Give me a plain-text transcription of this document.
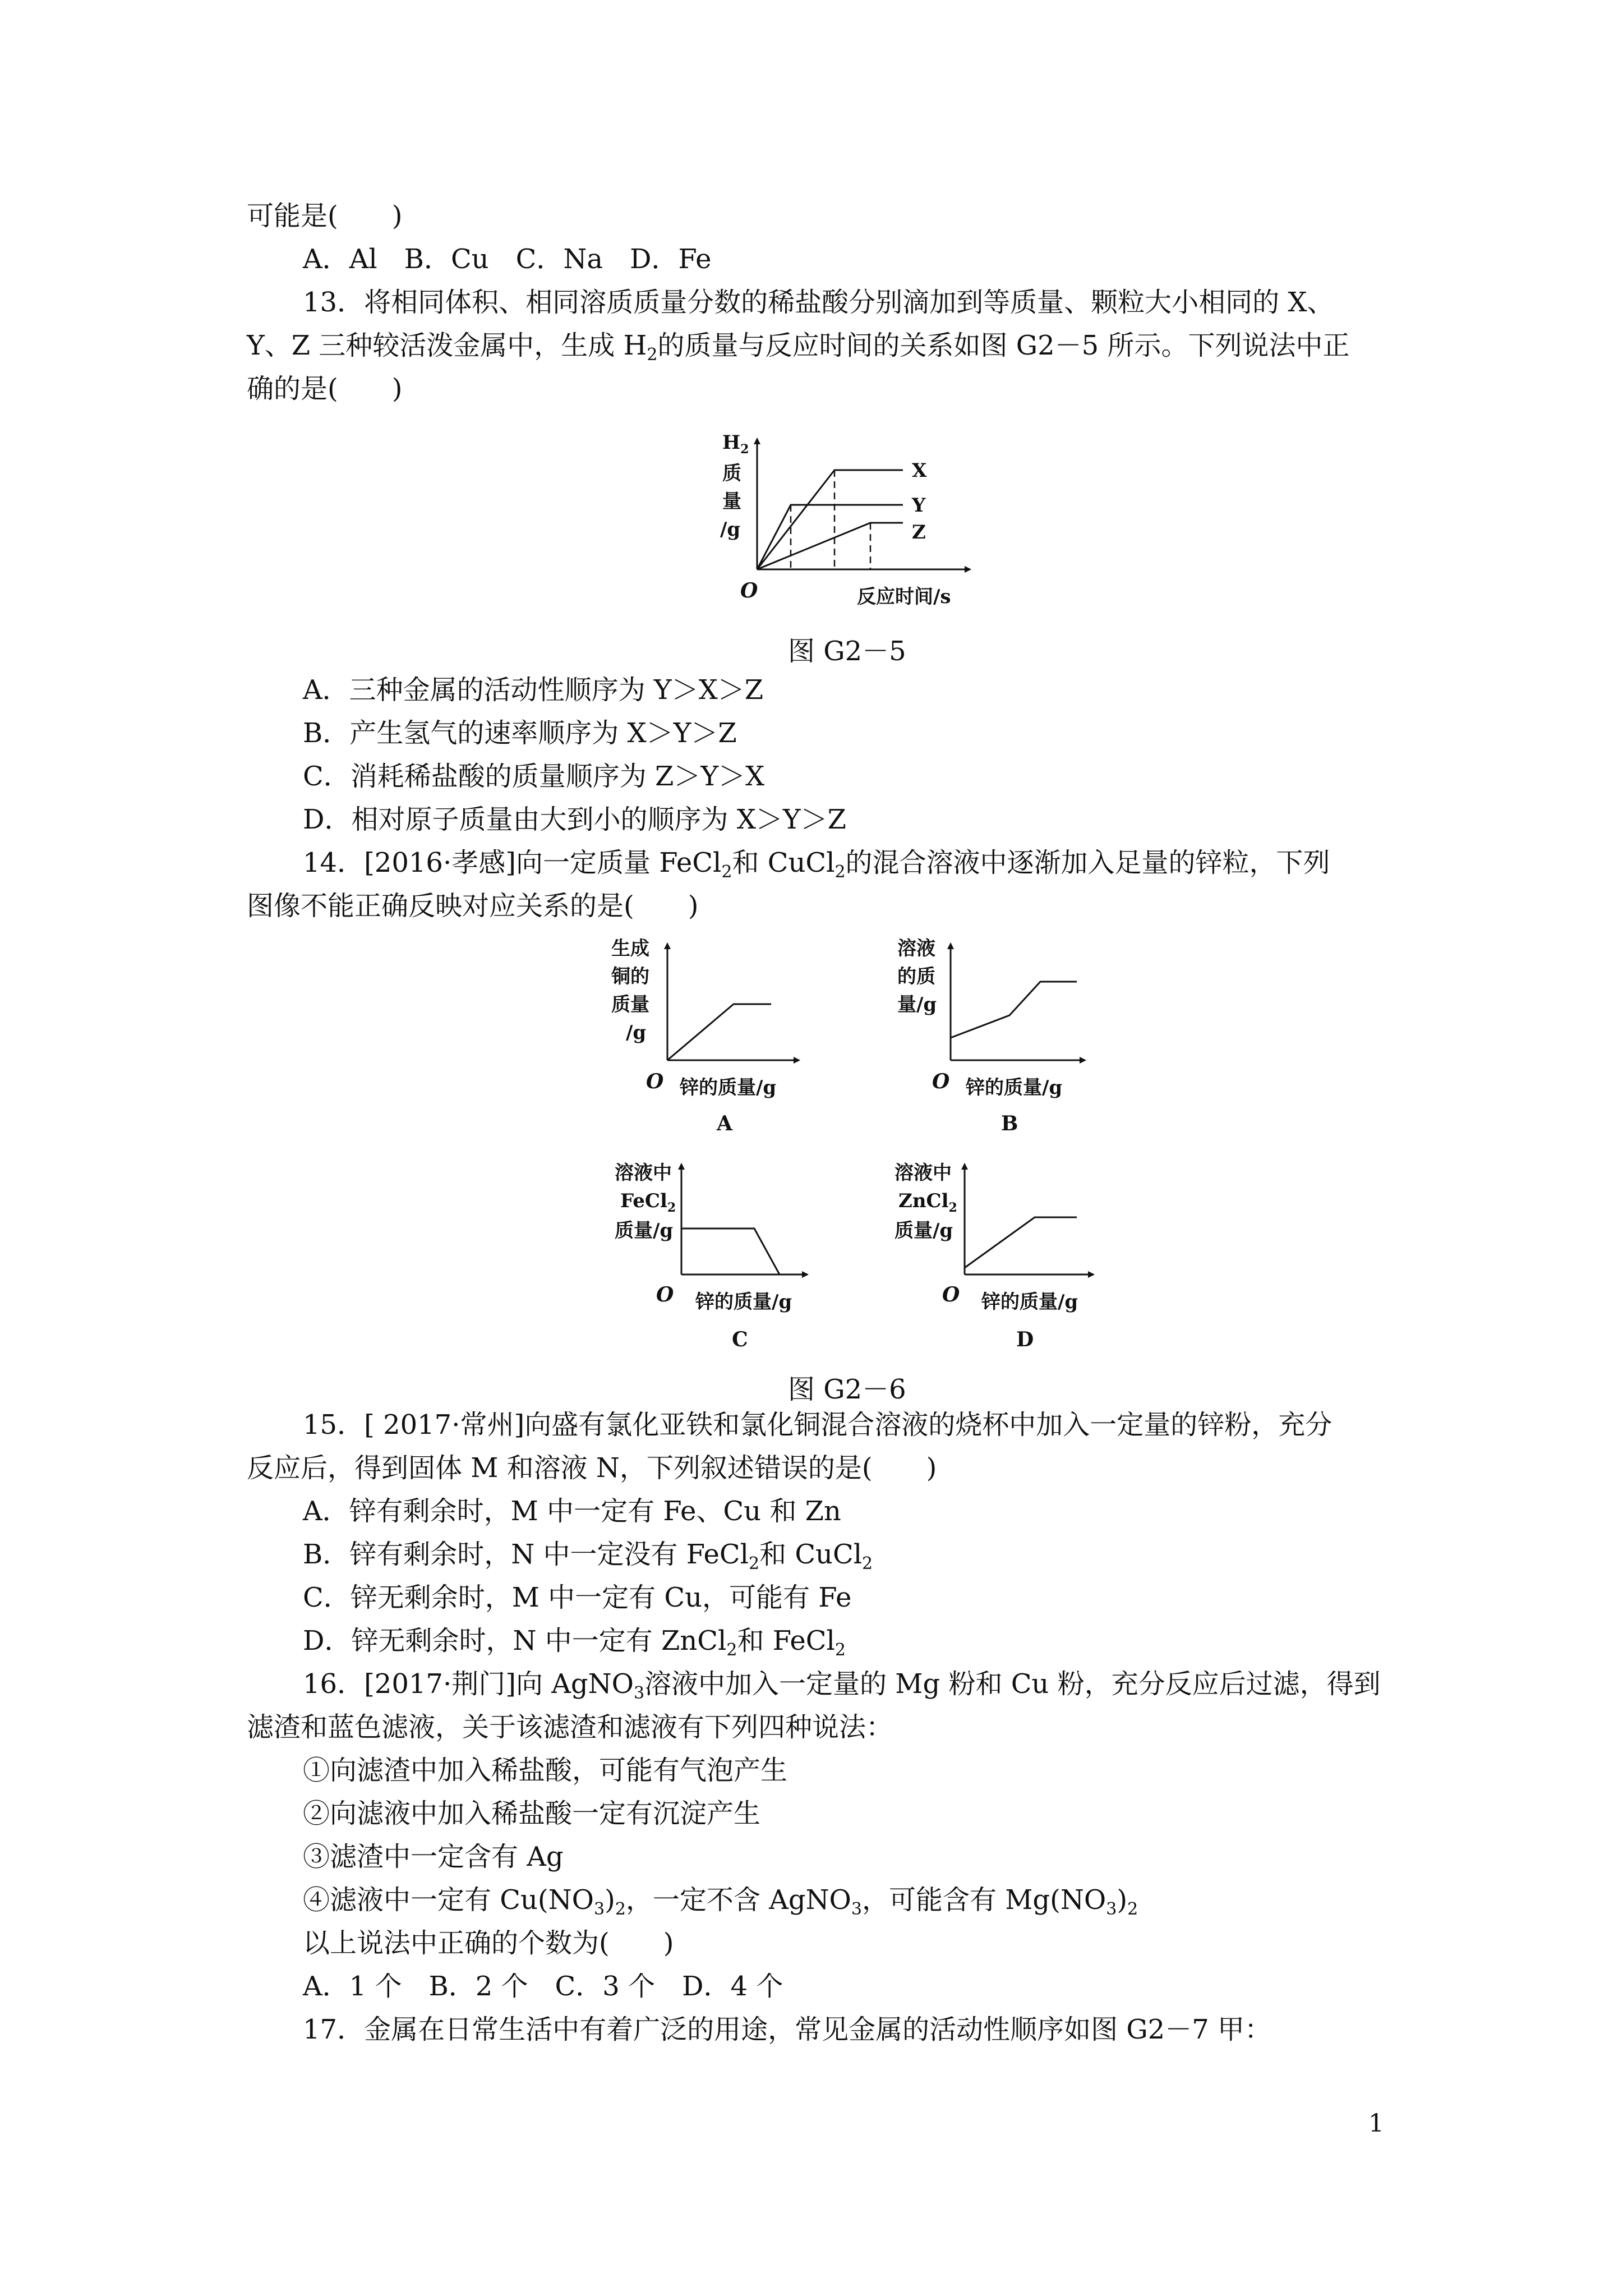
可能是(　　)
A．Al　B．Cu　C．Na　D．Fe
13．将相同体积、相同溶质质量分数的稀盐酸分别滴加到等质量、颗粒大小相同的 X、
Y、Z 三种较活泼金属中，生成 $H_2$的质量与反应时间的关系如图 G2－5 所示。下列说法中正
确的是(　　)
$H_2$
质
量
/g
O	反应时间/s
X
Y
Z
图 G2－5
A．三种金属的活动性顺序为 Y＞X＞Z
B．产生氢气的速率顺序为 X＞Y＞Z
C．消耗稀盐酸的质量顺序为 Z＞Y＞X
D．相对原子质量由大到小的顺序为 X＞Y＞Z
14．[2016·孝感]向一定质量 FeCl$_2$和 CuCl$_2$的混合溶液中逐渐加入足量的锌粒，下列
图像不能正确反映对应关系的是(　　)
生成
铜的
质量
/g
O 锌的质量/g
A
溶液
的质
量/g
O 锌的质量/g
B
溶液中
FeCl$_2$
质量/g
O 锌的质量/g
C
溶液中
ZnCl$_2$
质量/g
O 锌的质量/g
D
图 G2－6
15．[ 2017·常州]向盛有氯化亚铁和氯化铜混合溶液的烧杯中加入一定量的锌粉，充分
反应后，得到固体 M 和溶液 N，下列叙述错误的是(　　)
A．锌有剩余时，M 中一定有 Fe、Cu 和 Zn
B．锌有剩余时，N 中一定没有 FeCl$_2$和 CuCl$_2$
C．锌无剩余时，M 中一定有 Cu，可能有 Fe
D．锌无剩余时，N 中一定有 ZnCl$_2$和 FeCl$_2$
16．[2017·荆门]向 AgNO$_3$溶液中加入一定量的 Mg 粉和 Cu 粉，充分反应后过滤，得到
滤渣和蓝色滤液，关于该滤渣和滤液有下列四种说法：
①向滤渣中加入稀盐酸，可能有气泡产生
②向滤液中加入稀盐酸一定有沉淀产生
③滤渣中一定含有 Ag
④滤液中一定有 $Cu(NO_3)_2$，一定不含 AgNO$_3$，可能含有 $Mg(NO_3)_2$
以上说法中正确的个数为(　　)
A．1 个　B．2 个　C．3 个　D．4 个
17．金属在日常生活中有着广泛的用途，常见金属的活动性顺序如图 G2－7 甲：
1
